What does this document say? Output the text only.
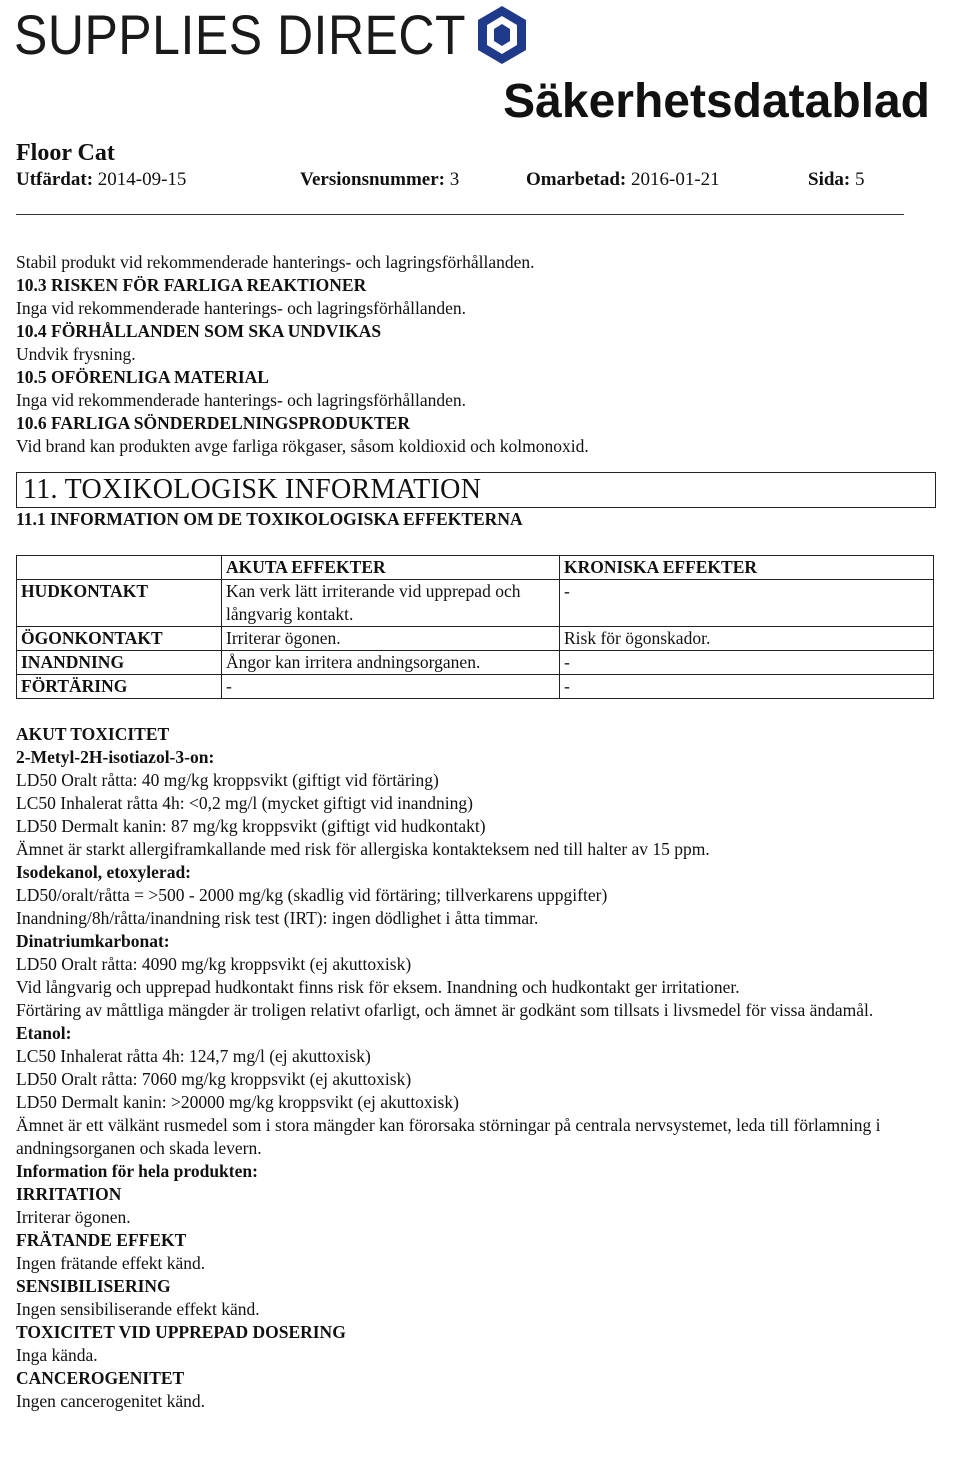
SUPPLIES DIRECT
Säkerhetsdatablad
Floor Cat
Utfärdat: 2014-09-15	Versionsnummer: 3	Omarbetad: 2016-01-21	Sida: 5

Stabil produkt vid rekommenderade hanterings- och lagringsförhållanden.

10.3 RISKEN FÖR FARLIGA REAKTIONER

Inga vid rekommenderade hanterings- och lagringsförhållanden.

10.4 FÖRHÅLLANDEN SOM SKA UNDVIKAS

Undvik frysning.

10.5 OFÖRENLIGA MATERIAL

Inga vid rekommenderade hanterings- och lagringsförhållanden.

10.6 FARLIGA SÖNDERDELNINGSPRODUKTER

Vid brand kan produkten avge farliga rökgaser, såsom koldioxid och kolmonoxid.

11. TOXIKOLOGISK INFORMATION

11.1 INFORMATION OM DE TOXIKOLOGISKA EFFEKTERNA

	AKUTA EFFEKTER	KRONISKA EFFEKTER
HUDKONTAKT	Kan verk lätt irriterande vid upprepad och långvarig kontakt.	-
ÖGONKONTAKT	Irriterar ögonen.	Risk för ögonskador.
INANDNING	Ångor kan irritera andningsorganen.	-
FÖRTÄRING	-	-

AKUT TOXICITET

2-Metyl-2H-isotiazol-3-on:

LD50 Oralt råtta: 40 mg/kg kroppsvikt (giftigt vid förtäring)

LC50 Inhalerat råtta 4h: <0,2 mg/l (mycket giftigt vid inandning)

LD50 Dermalt kanin: 87 mg/kg kroppsvikt (giftigt vid hudkontakt)

Ämnet är starkt allergiframkallande med risk för allergiska kontakteksem ned till halter av 15 ppm.

Isodekanol, etoxylerad:

LD50/oralt/råtta = >500 - 2000 mg/kg (skadlig vid förtäring; tillverkarens uppgifter)

Inandning/8h/råtta/inandning risk test (IRT): ingen dödlighet i åtta timmar.

Dinatriumkarbonat:

LD50 Oralt råtta: 4090 mg/kg kroppsvikt (ej akuttoxisk)

Vid långvarig och upprepad hudkontakt finns risk för eksem. Inandning och hudkontakt ger irritationer.

Förtäring av måttliga mängder är troligen relativt ofarligt, och ämnet är godkänt som tillsats i livsmedel för vissa ändamål.

Etanol:

LC50 Inhalerat råtta 4h: 124,7 mg/l (ej akuttoxisk)

LD50 Oralt råtta: 7060 mg/kg kroppsvikt (ej akuttoxisk)

LD50 Dermalt kanin: >20000 mg/kg kroppsvikt (ej akuttoxisk)

Ämnet är ett välkänt rusmedel som i stora mängder kan förorsaka störningar på centrala nervsystemet, leda till förlamning i andningsorganen och skada levern.

Information för hela produkten:

IRRITATION

Irriterar ögonen.

FRÄTANDE EFFEKT

Ingen frätande effekt känd.

SENSIBILISERING

Ingen sensibiliserande effekt känd.

TOXICITET VID UPPREPAD DOSERING

Inga kända.

CANCEROGENITET

Ingen cancerogenitet känd.
